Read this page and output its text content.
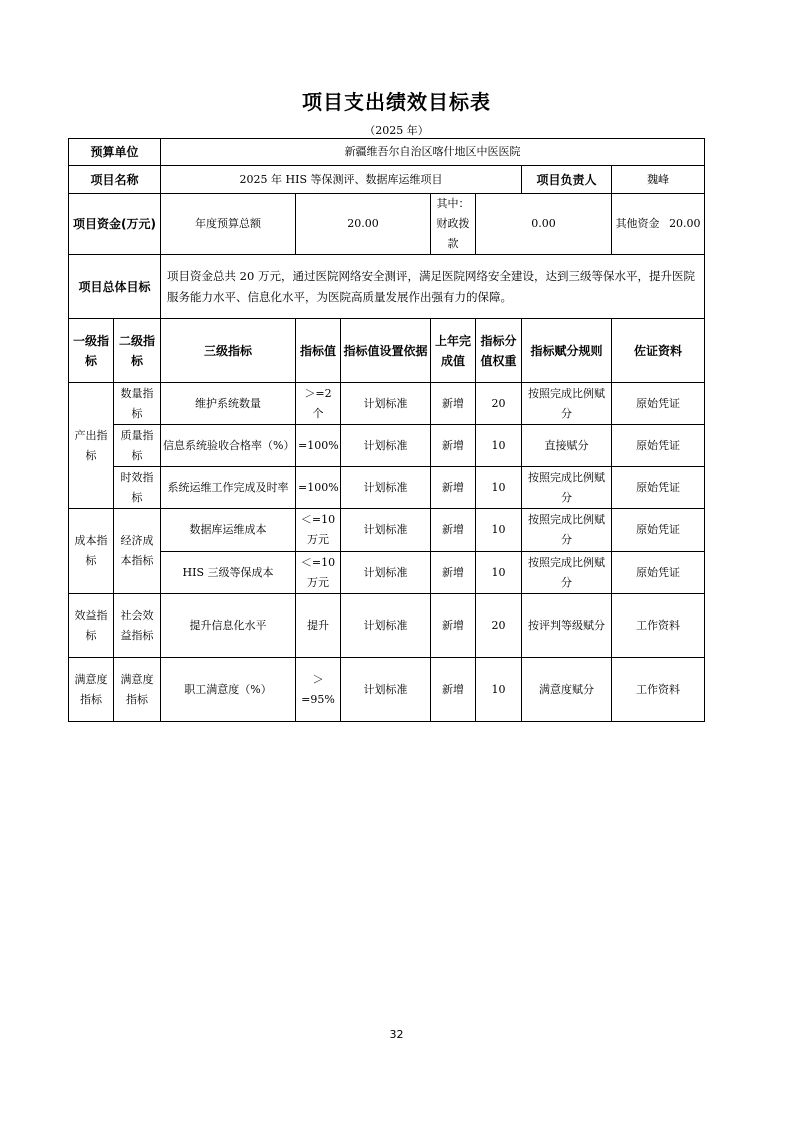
项目支出绩效目标表
（2025 年）
预算单位		新疆维吾尔自治区喀什地区中医医院						
项目名称		2025 年 HIS 等保测评、数据库运维项目					项目负责人	魏峰
项目资金(万元)		年度预算总额	20.00		其中：财政拨款	0.00		其他资金 20.00
项目总体目标		项目资金总共 20 万元，通过医院网络安全测评，满足医院网络安全建设，达到三级等保水平，提升医院服务能力水平、信息化水平，为医院高质量发展作出强有力的保障。						
一级指标	二级指标	三级指标	指标值	指标值设置依据	上年完成值	指标分值权重	指标赋分规则	佐证资料
产出指标	数量指标	维护系统数量	＞=2 个	计划标准	新增	20	按照完成比例赋分	原始凭证
	质量指标	信息系统验收合格率（%）	=100%	计划标准	新增	10	直接赋分	原始凭证
	时效指标	系统运维工作完成及时率	=100%	计划标准	新增	10	按照完成比例赋分	原始凭证
成本指标	经济成本指标	数据库运维成本	＜=10 万元	计划标准	新增	10	按照完成比例赋分	原始凭证
		HIS 三级等保成本	＜=10 万元	计划标准	新增	10	按照完成比例赋分	原始凭证
效益指标	社会效益指标	提升信息化水平	提升	计划标准	新增	20	按评判等级赋分	工作资料
满意度指标	满意度指标	职工满意度（%）	＞=95%	计划标准	新增	10	满意度赋分	工作资料
32
